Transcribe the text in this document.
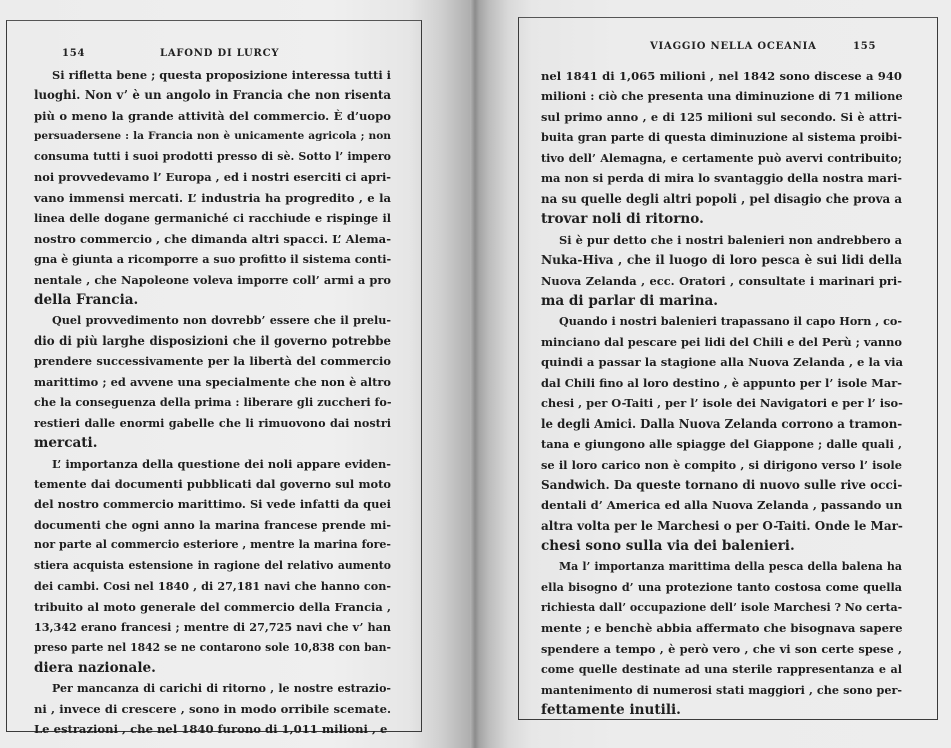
154	LAFOND DI LURCY
VIAGGIO NELLA OCEANIA	155
Si rifletta bene ; questa proposizione interessa tutti i
luoghi. Non v’ è un angolo in Francia che non risenta
più o meno la grande attività del commercio. È d’uopo
persuadersene : la Francia non è unicamente agricola ; non
consuma tutti i suoi prodotti presso di sè. Sotto l’ impero
noi provvedevamo l’ Europa , ed i nostri eserciti ci apri-
vano immensi mercati. L’ industria ha progredito , e la
linea delle dogane germaniché ci racchiude e rispinge il
nostro commercio , che dimanda altri spacci. L’ Alema-
gna è giunta a ricomporre a suo profitto il sistema conti-
nentale , che Napoleone voleva imporre coll’ armi a pro
della Francia.
Quel provvedimento non dovrebb’ essere che il prelu-
dio di più larghe disposizioni che il governo potrebbe
prendere successivamente per la libertà del commercio
marittimo ; ed avvene una specialmente che non è altro
che la conseguenza della prima : liberare gli zuccheri fo-
restieri dalle enormi gabelle che li rimuovono dai nostri
mercati.
L’ importanza della questione dei noli appare eviden-
temente dai documenti pubblicati dal governo sul moto
del nostro commercio marittimo. Si vede infatti da quei
documenti che ogni anno la marina francese prende mi-
nor parte al commercio esteriore , mentre la marina fore-
stiera acquista estensione in ragione del relativo aumento
dei cambi. Cosi nel 1840 , di 27,181 navi che hanno con-
tribuito al moto generale del commercio della Francia ,
13,342 erano francesi ; mentre di 27,725 navi che v’ han
preso parte nel 1842 se ne contarono sole 10,838 con ban-
diera nazionale.
Per mancanza di carichi di ritorno , le nostre estrazio-
ni , invece di crescere , sono in modo orribile scemate.
Le estrazioni , che nel 1840 furono di 1,011 milioni , e
nel 1841 di 1,065 milioni , nel 1842 sono discese a 940
milioni : ciò che presenta una diminuzione di 71 milione
sul primo anno , e di 125 milioni sul secondo. Si è attri-
buita gran parte di questa diminuzione al sistema proibi-
tivo dell’ Alemagna, e certamente può avervi contribuito;
ma non si perda di mira lo svantaggio della nostra mari-
na su quelle degli altri popoli , pel disagio che prova a
trovar noli di ritorno.
Si è pur detto che i nostri balenieri non andrebbero a
Nuka-Hiva , che il luogo di loro pesca è sui lidi della
Nuova Zelanda , ecc. Oratori , consultate i marinari pri-
ma di parlar di marina.
Quando i nostri balenieri trapassano il capo Horn , co-
minciano dal pescare pei lidi del Chili e del Perù ; vanno
quindi a passar la stagione alla Nuova Zelanda , e la via
dal Chili fino al loro destino , è appunto per l’ isole Mar-
chesi , per O-Taiti , per l’ isole dei Navigatori e per l’ iso-
le degli Amici. Dalla Nuova Zelanda corrono a tramon-
tana e giungono alle spiagge del Giappone ; dalle quali ,
se il loro carico non è compito , si dirigono verso l’ isole
Sandwich. Da queste tornano di nuovo sulle rive occi-
dentali d’ America ed alla Nuova Zelanda , passando un
altra volta per le Marchesi o per O-Taiti. Onde le Mar-
chesi sono sulla via dei balenieri.
Ma l’ importanza marittima della pesca della balena ha
ella bisogno d’ una protezione tanto costosa come quella
richiesta dall’ occupazione dell’ isole Marchesi ? No certa-
mente ; e benchè abbia affermato che bisognava sapere
spendere a tempo , è però vero , che vi son certe spese ,
come quelle destinate ad una sterile rappresentanza e al
mantenimento di numerosi stati maggiori , che sono per-
fettamente inutili.
